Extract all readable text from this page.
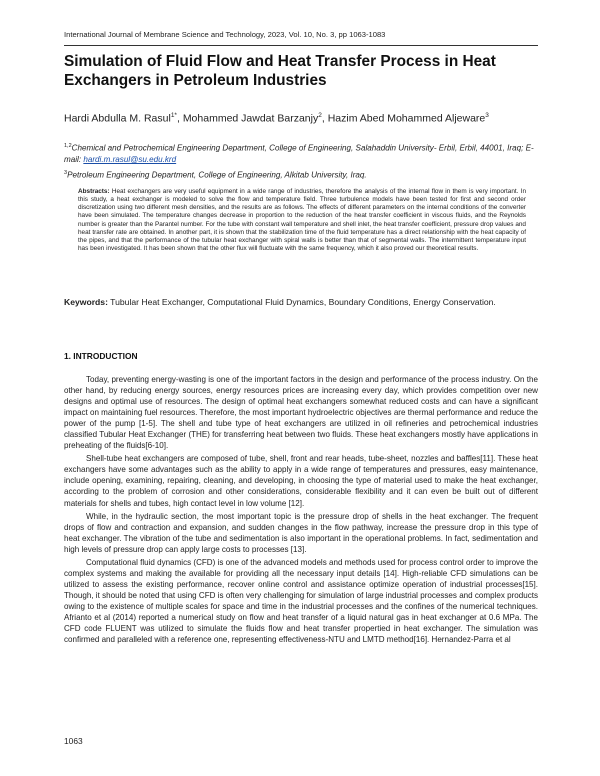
International Journal of Membrane Science and Technology, 2023, Vol. 10, No. 3, pp 1063-1083
Simulation of Fluid Flow and Heat Transfer Process in Heat Exchangers in Petroleum Industries
Hardi Abdulla M. Rasul$^{1*}$, Mohammed Jawdat Barzanjy$^2$, Hazim Abed Mohammed Aljeware$^3$
$^{1,2}$Chemical and Petrochemical Engineering Department, College of Engineering, Salahaddin University- Erbil, Erbil, 44001, Iraq; E-mail: hardi.m.rasul@su.edu.krd
$^3$Petroleum Engineering Department, College of Engineering, Alkitab University, Iraq.
Abstracts: Heat exchangers are very useful equipment in a wide range of industries, therefore the analysis of the internal flow in them is very important. In this study, a heat exchanger is modeled to solve the flow and temperature field. Three turbulence models have been tested for first and second order discretization using two different mesh densities, and the results are as follows. The effects of different parameters on the internal conditions of the converter have been simulated. The temperature changes decrease in proportion to the reduction of the heat transfer coefficient in viscous fluids, and the Reynolds number is greater than the Parantel number. For the tube with constant wall temperature and shell inlet, the heat transfer coefficient, pressure drop values and heat transfer rate are obtained. In another part, it is shown that the stabilization time of the fluid temperature has a direct relationship with the heat capacity of the pipes, and that the performance of the tubular heat exchanger with spiral walls is better than that of segmental walls. The intermittent temperature input has been investigated. It has been shown that the other flux will fluctuate with the same frequency, which it also proved our theoretical results.
Keywords: Tubular Heat Exchanger, Computational Fluid Dynamics, Boundary Conditions, Energy Conservation.
1. INTRODUCTION

Today, preventing energy-wasting is one of the important factors in the design and performance of the process industry. On the other hand, by reducing energy sources, energy resources prices are increasing every day, which provides competition over new designs and optimal use of resources. The design of optimal heat exchangers somewhat reduced costs and can have a significant impact on maintaining fuel resources. Therefore, the most important hydroelectric objectives are thermal performance and reduce the power of the pump [1-5]. The shell and tube type of heat exchangers are utilized in oil refineries and petrochemical industries classified Tubular Heat Exchanger (THE) for transferring heat between two fluids. These heat exchangers mostly have applications in preheating of the fluids[6-10].

Shell-tube heat exchangers are composed of tube, shell, front and rear heads, tube-sheet, nozzles and baffles[11]. These heat exchangers have some advantages such as the ability to apply in a wide range of temperatures and pressures, easy maintenance, include opening, examining, repairing, cleaning, and developing, in choosing the type of material used to make the heat exchanger, according to the problem of corrosion and other considerations, considerable flexibility and it can even be built out of different materials for shells and tubes, high contact level in low volume [12].

While, in the hydraulic section, the most important topic is the pressure drop of shells in the heat exchanger. The frequent drops of flow and contraction and expansion, and sudden changes in the flow pathway, increase the pressure drop in this type of heat exchanger. The vibration of the tube and sedimentation is also important in the operational problems. In fact, sedimentation and high levels of pressure drop can apply large costs to processes [13].

Computational fluid dynamics (CFD) is one of the advanced models and methods used for process control order to improve the complex systems and making the available for providing all the necessary input details [14]. High-reliable CFD simulations can be utilized to assess the existing performance, recover online control and assistance optimize operation of industrial processes[15]. Though, it should be noted that using CFD is often very challenging for simulation of large industrial processes and complex products owing to the existence of multiple scales for space and time in the industrial processes and the confines of the numerical techniques. Afrianto et al (2014) reported a numerical study on flow and heat transfer of a liquid natural gas in heat exchanger at 0.6 MPa. The CFD code FLUENT was utilized to simulate the fluids flow and heat transfer propertied in heat exchanger. The simulation was confirmed and paralleled with a reference one, representing effectiveness-NTU and LMTD method[16]. Hernandez-Parra et al

1063
